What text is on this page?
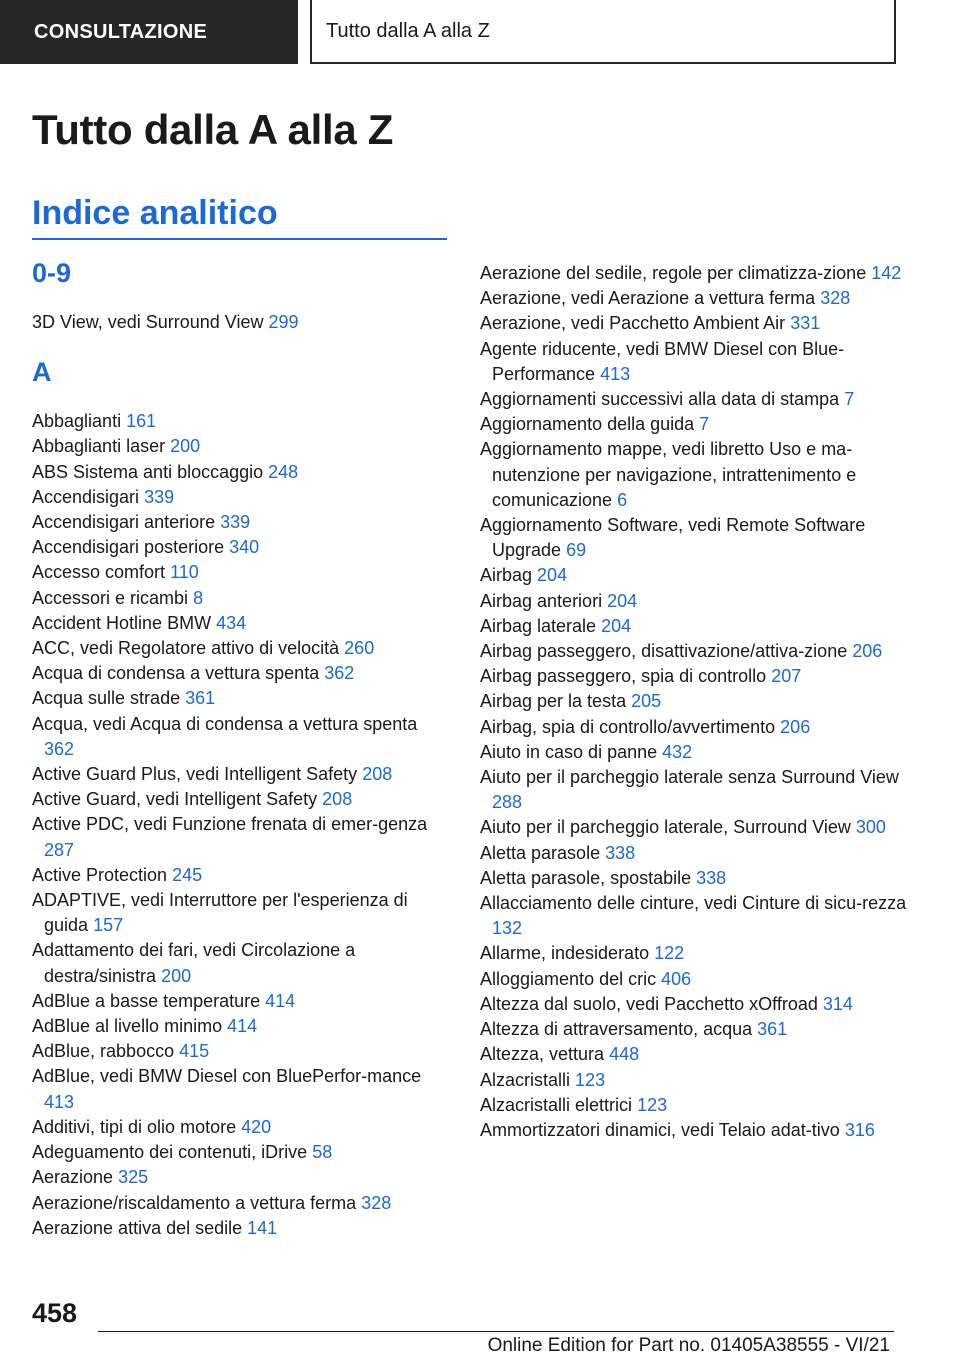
CONSULTAZIONE	Tutto dalla A alla Z
Tutto dalla A alla Z
Indice analitico
0-9
3D View, vedi Surround View 299
A
Abbaglianti 161
Abbaglianti laser 200
ABS Sistema anti bloccaggio 248
Accendisigari 339
Accendisigari anteriore 339
Accendisigari posteriore 340
Accesso comfort 110
Accessori e ricambi 8
Accident Hotline BMW 434
ACC, vedi Regolatore attivo di velocità 260
Acqua di condensa a vettura spenta 362
Acqua sulle strade 361
Acqua, vedi Acqua di condensa a vettura spenta 362
Active Guard Plus, vedi Intelligent Safety 208
Active Guard, vedi Intelligent Safety 208
Active PDC, vedi Funzione frenata di emer‐genza 287
Active Protection 245
ADAPTIVE, vedi Interruttore per l'esperienza di guida 157
Adattamento dei fari, vedi Circolazione a destra/sinistra 200
AdBlue a basse temperature 414
AdBlue al livello minimo 414
AdBlue, rabbocco 415
AdBlue, vedi BMW Diesel con BluePerfor‐mance 413
Additivi, tipi di olio motore 420
Adeguamento dei contenuti, iDrive 58
Aerazione 325
Aerazione/riscaldamento a vettura ferma 328
Aerazione attiva del sedile 141
Aerazione del sedile, regole per climatizza‐zione 142
Aerazione, vedi Aerazione a vettura ferma 328
Aerazione, vedi Pacchetto Ambient Air 331
Agente riducente, vedi BMW Diesel con Blue‐Performance 413
Aggiornamenti successivi alla data di stampa 7
Aggiornamento della guida 7
Aggiornamento mappe, vedi libretto Uso e ma‐nutenzione per navigazione, intrattenimento e comunicazione 6
Aggiornamento Software, vedi Remote Software Upgrade 69
Airbag 204
Airbag anteriori 204
Airbag laterale 204
Airbag passeggero, disattivazione/attiva‐zione 206
Airbag passeggero, spia di controllo 207
Airbag per la testa 205
Airbag, spia di controllo/avvertimento 206
Aiuto in caso di panne 432
Aiuto per il parcheggio laterale senza Surround View 288
Aiuto per il parcheggio laterale, Surround View 300
Aletta parasole 338
Aletta parasole, spostabile 338
Allacciamento delle cinture, vedi Cinture di sicu‐rezza 132
Allarme, indesiderato 122
Alloggiamento del cric 406
Altezza dal suolo, vedi Pacchetto xOffroad 314
Altezza di attraversamento, acqua 361
Altezza, vettura 448
Alzacristalli 123
Alzacristalli elettrici 123
Ammortizzatori dinamici, vedi Telaio adat‐tivo 316
458
Online Edition for Part no. 01405A38555 - VI/21
